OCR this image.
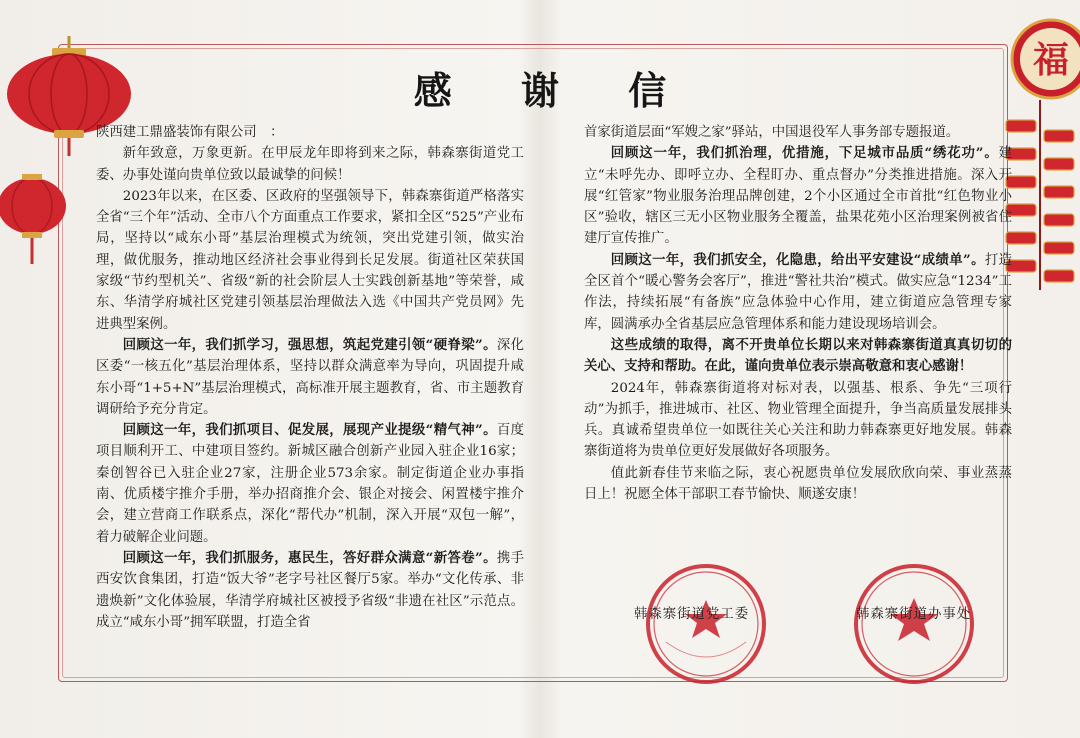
福
感 谢 信

陕西建工鼎盛装饰有限公司　：

新年致意，万象更新。在甲辰龙年即将到来之际，韩森寨街道党工委、办事处谨向贵单位致以最诚挚的问候！

2023年以来，在区委、区政府的坚强领导下，韩森寨街道严格落实全省“三个年”活动、全市八个方面重点工作要求，紧扣全区“525”产业布局，坚持以“咸东小哥”基层治理模式为统领，突出党建引领，做实治理，做优服务，推动地区经济社会事业得到长足发展。街道社区荣获国家级“节约型机关”、省级“新的社会阶层人士实践创新基地”等荣誉，咸东、华清学府城社区党建引领基层治理做法入选《中国共产党员网》先进典型案例。

回顾这一年，我们抓学习，强思想，筑起党建引领“硬脊梁”。深化区委“一核五化”基层治理体系，坚持以群众满意率为导向，巩固提升咸东小哥“1+5+N”基层治理模式，高标准开展主题教育，省、市主题教育调研给予充分肯定。

回顾这一年，我们抓项目、促发展，展现产业提级“精气神”。百度项目顺利开工、中建项目签约。新城区融合创新产业园入驻企业16家；秦创智谷已入驻企业27家，注册企业573余家。制定街道企业办事指南、优质楼宇推介手册，举办招商推介会、银企对接会、闲置楼宇推介会，建立营商工作联系点，深化“帮代办”机制，深入开展“双包一解”，着力破解企业问题。

回顾这一年，我们抓服务，惠民生，答好群众满意“新答卷”。携手西安饮食集团，打造“饭大爷”老字号社区餐厅5家。举办“文化传承、非遗焕新”文化体验展，华清学府城社区被授予省级“非遗在社区”示范点。成立“咸东小哥”拥军联盟，打造全省

首家街道层面“军嫂之家”驿站，中国退役军人事务部专题报道。

回顾这一年，我们抓治理，优措施，下足城市品质“绣花功”。建立“未呼先办、即呼立办、全程盯办、重点督办”分类推进措施。深入开展“红管家”物业服务治理品牌创建，2个小区通过全市首批“红色物业小区”验收，辖区三无小区物业服务全覆盖，盐果花苑小区治理案例被省住建厅宣传推广。

回顾这一年，我们抓安全，化隐患，给出平安建设“成绩单”。打造全区首个“暖心警务会客厅”，推进“警社共治”模式。做实应急“1234”工作法，持续拓展“有备族”应急体验中心作用，建立街道应急管理专家库，圆满承办全省基层应急管理体系和能力建设现场培训会。

这些成绩的取得，离不开贵单位长期以来对韩森寨街道真真切切的关心、支持和帮助。在此，谨向贵单位表示崇高敬意和衷心感谢！

2024年，韩森寨街道将对标对表，以强基、根系、争先“三项行动”为抓手，推进城市、社区、物业管理全面提升，争当高质量发展排头兵。真诚希望贵单位一如既往关心关注和助力韩森寨更好地发展。韩森寨街道将为贵单位更好发展做好各项服务。

值此新春佳节来临之际，衷心祝愿贵单位发展欣欣向荣、事业蒸蒸日上！祝愿全体干部职工春节愉快、顺遂安康！

韩森寨街道党工委	韩森寨街道办事处
